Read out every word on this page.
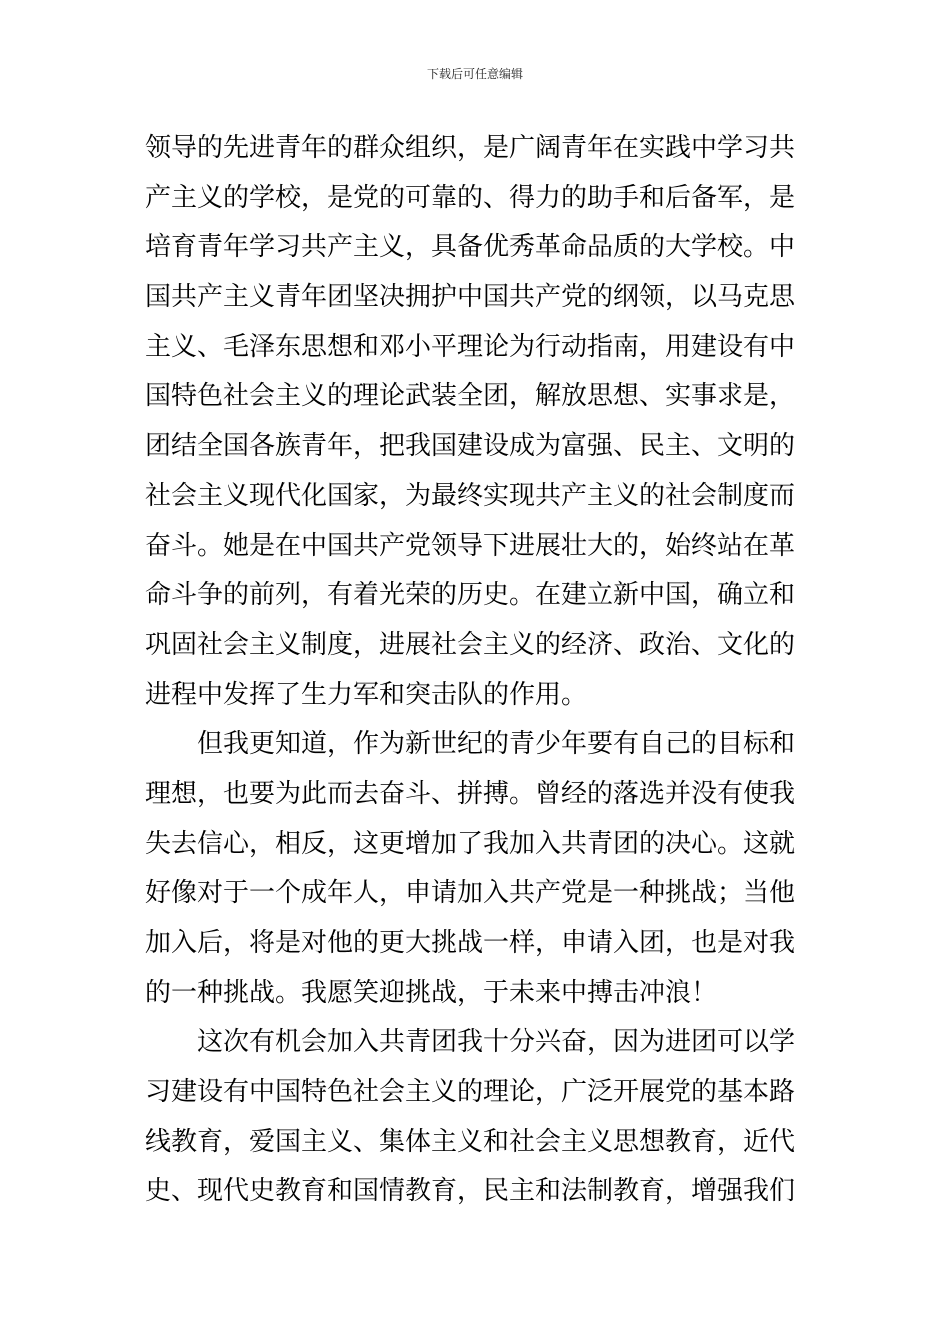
下载后可任意编辑
领导的先进青年的群众组织，是广阔青年在实践中学习共
产主义的学校，是党的可靠的、得力的助手和后备军，是
培育青年学习共产主义，具备优秀革命品质的大学校。中
国共产主义青年团坚决拥护中国共产党的纲领，以马克思
主义、毛泽东思想和邓小平理论为行动指南，用建设有中
国特色社会主义的理论武装全团，解放思想、实事求是，
团结全国各族青年，把我国建设成为富强、民主、文明的
社会主义现代化国家，为最终实现共产主义的社会制度而
奋斗。她是在中国共产党领导下进展壮大的，始终站在革
命斗争的前列，有着光荣的历史。在建立新中国，确立和
巩固社会主义制度，进展社会主义的经济、政治、文化的
进程中发挥了生力军和突击队的作用。
　　但我更知道，作为新世纪的青少年要有自己的目标和
理想，也要为此而去奋斗、拼搏。曾经的落选并没有使我
失去信心，相反，这更增加了我加入共青团的决心。这就
好像对于一个成年人，申请加入共产党是一种挑战；当他
加入后，将是对他的更大挑战一样，申请入团，也是对我
的一种挑战。我愿笑迎挑战，于未来中搏击冲浪！
　　这次有机会加入共青团我十分兴奋，因为进团可以学
习建设有中国特色社会主义的理论，广泛开展党的基本路
线教育，爱国主义、集体主义和社会主义思想教育，近代
史、现代史教育和国情教育，民主和法制教育，增强我们
